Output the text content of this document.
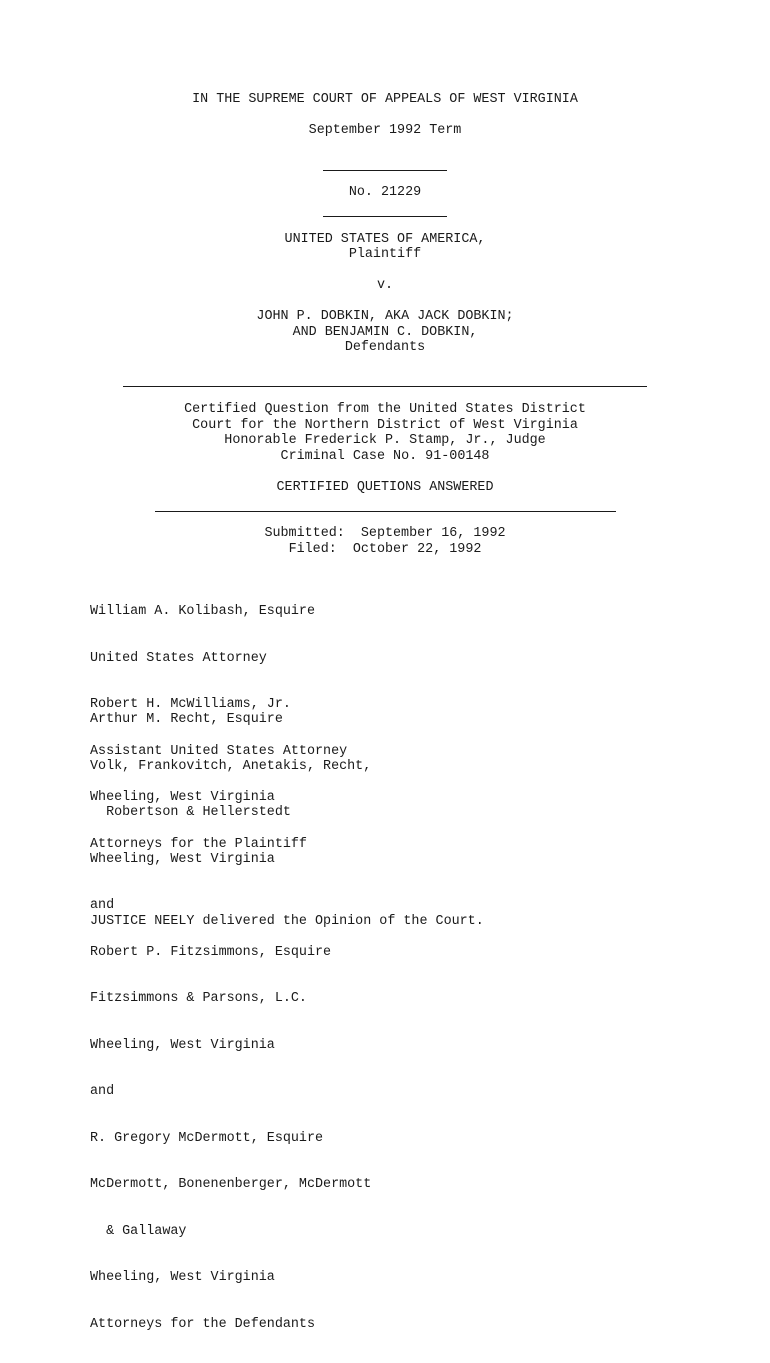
IN THE SUPREME COURT OF APPEALS OF WEST VIRGINIA
September 1992 Term
No. 21229
UNITED STATES OF AMERICA,
Plaintiff
v.
JOHN P. DOBKIN, AKA JACK DOBKIN;
AND BENJAMIN C. DOBKIN,
Defendants
Certified Question from the United States District
Court for the Northern District of West Virginia
Honorable Frederick P. Stamp, Jr., Judge
Criminal Case No. 91-00148
CERTIFIED QUETIONS ANSWERED
Submitted:  September 16, 1992
Filed:  October 22, 1992

William A. Kolibash, Esquire

United States Attorney

Robert H. McWilliams, Jr.

Assistant United States Attorney

Wheeling, West Virginia

Attorneys for the Plaintiff

Arthur M. Recht, Esquire

Volk, Frankovitch, Anetakis, Recht,

Robertson & Hellerstedt

Wheeling, West Virginia

and

Robert P. Fitzsimmons, Esquire

Fitzsimmons & Parsons, L.C.

Wheeling, West Virginia

and

R. Gregory McDermott, Esquire

McDermott, Bonenenberger, McDermott

& Gallaway

Wheeling, West Virginia

Attorneys for the Defendants

JUSTICE NEELY delivered the Opinion of the Court.
